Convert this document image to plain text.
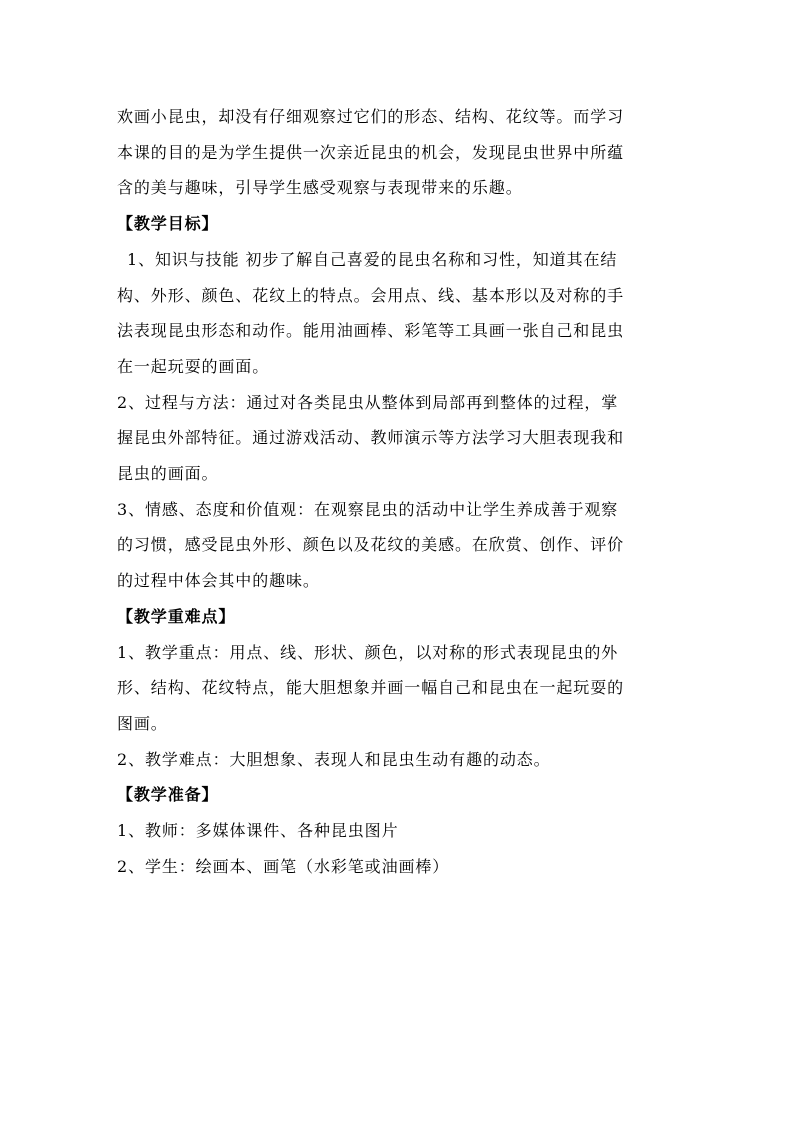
欢画小昆虫，却没有仔细观察过它们的形态、结构、花纹等。而学习

本课的目的是为学生提供一次亲近昆虫的机会，发现昆虫世界中所蕴

含的美与趣味，引导学生感受观察与表现带来的乐趣。

【教学目标】

1、知识与技能 初步了解自己喜爱的昆虫名称和习性，知道其在结

构、外形、颜色、花纹上的特点。会用点、线、基本形以及对称的手

法表现昆虫形态和动作。能用油画棒、彩笔等工具画一张自己和昆虫

在一起玩耍的画面。

2、过程与方法：通过对各类昆虫从整体到局部再到整体的过程，掌

握昆虫外部特征。通过游戏活动、教师演示等方法学习大胆表现我和

昆虫的画面。

3、情感、态度和价值观：在观察昆虫的活动中让学生养成善于观察

的习惯，感受昆虫外形、颜色以及花纹的美感。在欣赏、创作、评价

的过程中体会其中的趣味。

【教学重难点】

1、教学重点：用点、线、形状、颜色，以对称的形式表现昆虫的外

形、结构、花纹特点，能大胆想象并画一幅自己和昆虫在一起玩耍的

图画。

2、教学难点：大胆想象、表现人和昆虫生动有趣的动态。

【教学准备】

1、教师：多媒体课件、各种昆虫图片

2、学生：绘画本、画笔（水彩笔或油画棒）
